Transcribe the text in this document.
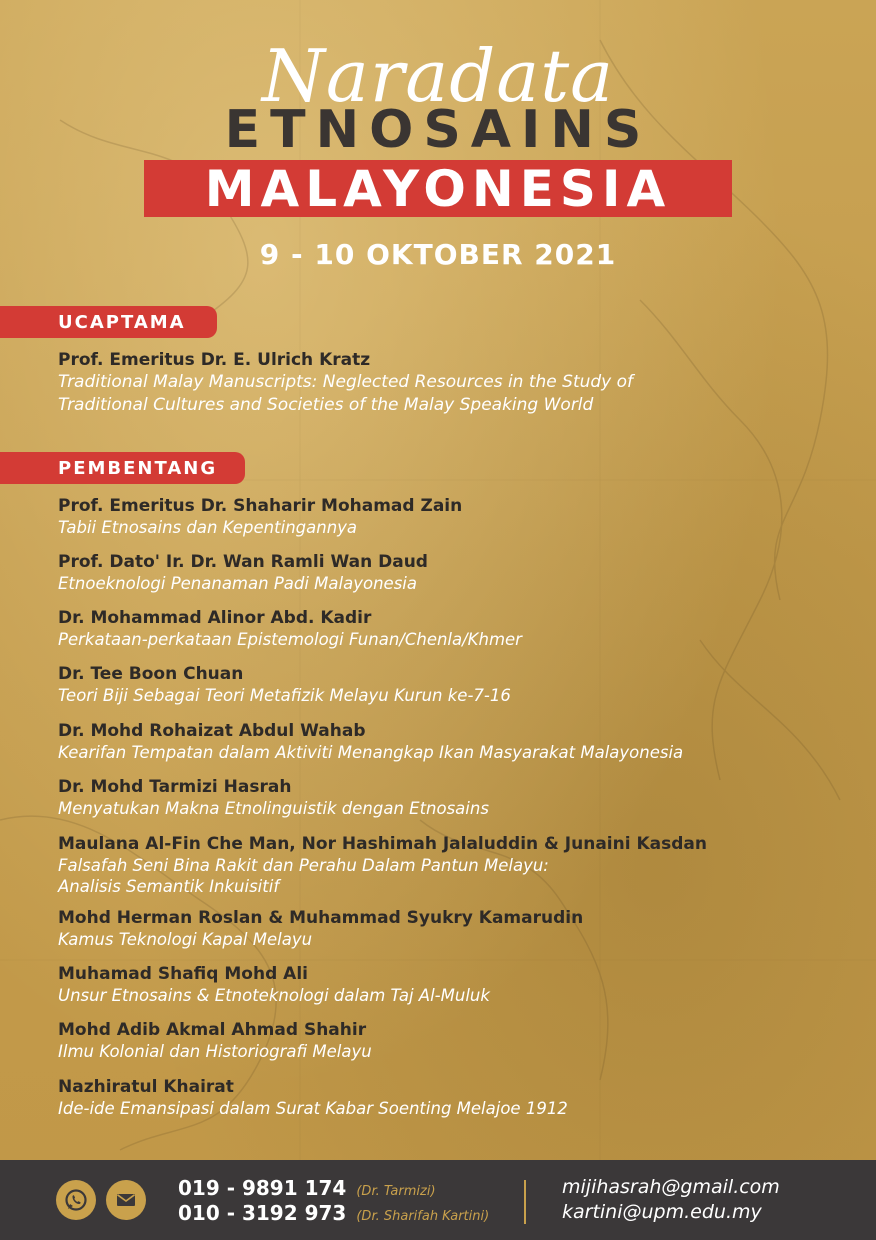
Naradata
ETNOSAINS
MALAYONESIA
9 - 10 OKTOBER 2021
UCAPTAMA
Prof. Emeritus Dr. E. Ulrich Kratz
Traditional Malay Manuscripts: Neglected Resources in the Study of
Traditional Cultures and Societies of the Malay Speaking World
PEMBENTANG
Prof. Emeritus Dr. Shaharir Mohamad Zain
Tabii Etnosains dan Kepentingannya
Prof. Dato' Ir. Dr. Wan Ramli Wan Daud
Etnoeknologi Penanaman Padi Malayonesia
Dr. Mohammad Alinor Abd. Kadir
Perkataan-perkataan Epistemologi Funan/Chenla/Khmer
Dr. Tee Boon Chuan
Teori Biji Sebagai Teori Metafizik Melayu Kurun ke-7-16
Dr. Mohd Rohaizat Abdul Wahab
Kearifan Tempatan dalam Aktiviti Menangkap Ikan Masyarakat Malayonesia
Dr. Mohd Tarmizi Hasrah
Menyatukan Makna Etnolinguistik dengan Etnosains
Maulana Al-Fin Che Man, Nor Hashimah Jalaluddin & Junaini Kasdan
Falsafah Seni Bina Rakit dan Perahu Dalam Pantun Melayu:
Analisis Semantik Inkuisitif
Mohd Herman Roslan & Muhammad Syukry Kamarudin
Kamus Teknologi Kapal Melayu
Muhamad Shafiq Mohd Ali
Unsur Etnosains & Etnoteknologi dalam Taj Al-Muluk
Mohd Adib Akmal Ahmad Shahir
Ilmu Kolonial dan Historiografi Melayu
Nazhiratul Khairat
Ide-ide Emansipasi dalam Surat Kabar Soenting Melajoe 1912
019 - 9891 174 (Dr. Tarmizi)
010 - 3192 973 (Dr. Sharifah Kartini)
mijihasrah@gmail.com
kartini@upm.edu.my
